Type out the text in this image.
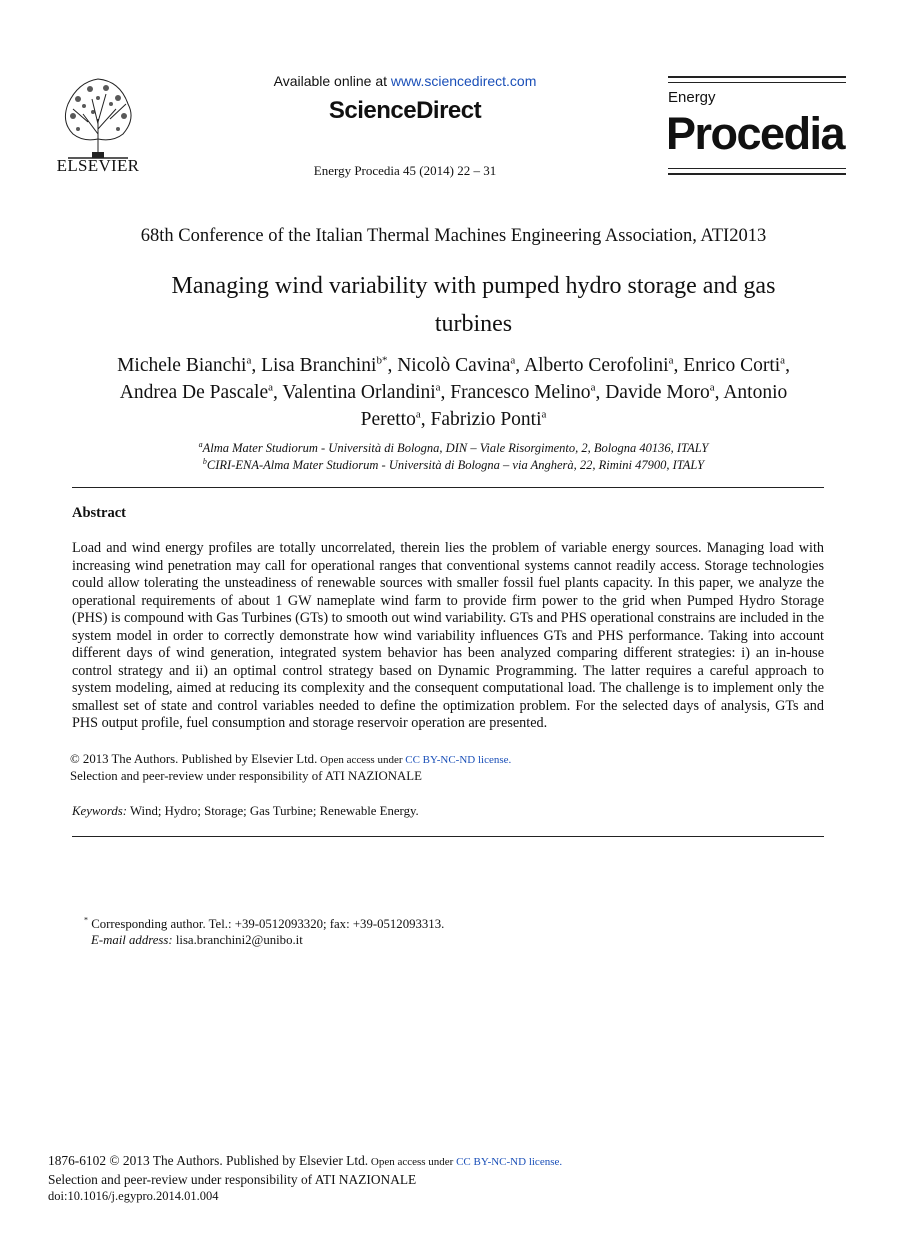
ELSEVIER
Available online at www.sciencedirect.com
ScienceDirect
Energy Procedia 45 (2014) 22 – 31
Energy
Procedia
68th Conference of the Italian Thermal Machines Engineering Association, ATI2013
Managing wind variability with pumped hydro storage and gas
turbines
Michele Bianchi$^a$, Lisa Branchini$^{b*}$, Nicolò Cavina$^a$, Alberto Cerofolini$^a$, Enrico Corti$^a$,
Andrea De Pascale$^a$, Valentina Orlandini$^a$, Francesco Melino$^a$, Davide Moro$^a$, Antonio
Peretto$^a$, Fabrizio Ponti$^a$
$^a$Alma Mater Studiorum - Università di Bologna, DIN – Viale Risorgimento, 2, Bologna 40136, ITALY
$^b$CIRI-ENA-Alma Mater Studiorum - Università di Bologna – via Angherà, 22, Rimini 47900, ITALY
Abstract
Load and wind energy profiles are totally uncorrelated, therein lies the problem of variable energy sources. Managing load with increasing wind penetration may call for operational ranges that conventional systems cannot readily access. Storage technologies could allow tolerating the unsteadiness of renewable sources with smaller fossil fuel plants capacity. In this paper, we analyze the operational requirements of about 1 GW nameplate wind farm to provide firm power to the grid when Pumped Hydro Storage (PHS) is compound with Gas Turbines (GTs) to smooth out wind variability. GTs and PHS operational constrains are included in the system model in order to correctly demonstrate how wind variability influences GTs and PHS performance. Taking into account different days of wind generation, integrated system behavior has been analyzed comparing different strategies: i) an in-house control strategy and ii) an optimal control strategy based on Dynamic Programming. The latter requires a careful approach to system modeling, aimed at reducing its complexity and the consequent computational load. The challenge is to implement only the smallest set of state and control variables needed to define the optimization problem. For the selected days of analysis, GTs and PHS output profile, fuel consumption and storage reservoir operation are presented.
© 2013 The Authors. Published by Elsevier Ltd. Open access under CC BY-NC-ND license.
Selection and peer-review under responsibility of ATI NAZIONALE
Keywords: Wind; Hydro; Storage; Gas Turbine; Renewable Energy.
* Corresponding author. Tel.: +39-0512093320; fax: +39-0512093313.
E-mail address: lisa.branchini2@unibo.it
1876-6102 © 2013 The Authors. Published by Elsevier Ltd. Open access under CC BY-NC-ND license.
Selection and peer-review under responsibility of ATI NAZIONALE
doi:10.1016/j.egypro.2014.01.004
